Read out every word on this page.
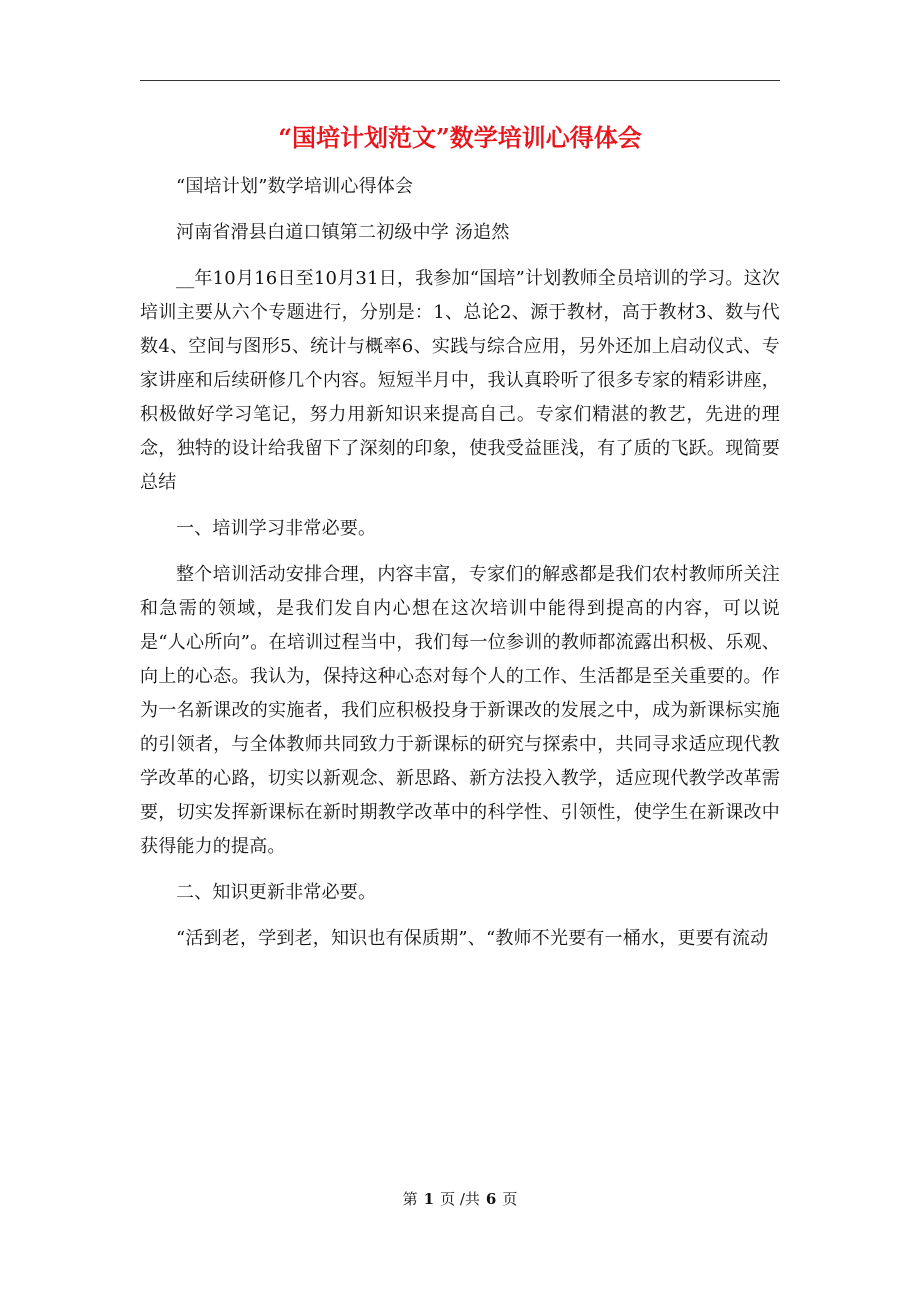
“国培计划范文”数学培训心得体会

“国培计划”数学培训心得体会

河南省滑县白道口镇第二初级中学 汤追然

__年10月16日至10月31日，我参加“国培”计划教师全员培训的学习。这次培训主要从六个专题进行，分别是：1、总论2、源于教材，高于教材3、数与代数4、空间与图形5、统计与概率6、实践与综合应用，另外还加上启动仪式、专家讲座和后续研修几个内容。短短半月中，我认真聆听了很多专家的精彩讲座，积极做好学习笔记，努力用新知识来提高自己。专家们精湛的教艺，先进的理念，独特的设计给我留下了深刻的印象，使我受益匪浅，有了质的飞跃。现简要总结

一、培训学习非常必要。

整个培训活动安排合理，内容丰富，专家们的解惑都是我们农村教师所关注和急需的领域，是我们发自内心想在这次培训中能得到提高的内容，可以说是“人心所向”。在培训过程当中，我们每一位参训的教师都流露出积极、乐观、向上的心态。我认为，保持这种心态对每个人的工作、生活都是至关重要的。作为一名新课改的实施者，我们应积极投身于新课改的发展之中，成为新课标实施的引领者，与全体教师共同致力于新课标的研究与探索中，共同寻求适应现代教学改革的心路，切实以新观念、新思路、新方法投入教学，适应现代教学改革需要，切实发挥新课标在新时期教学改革中的科学性、引领性，使学生在新课改中获得能力的提高。

二、知识更新非常必要。

“活到老，学到老，知识也有保质期”、“教师不光要有一桶水，更要有流动

第 1 页 /共 6 页
